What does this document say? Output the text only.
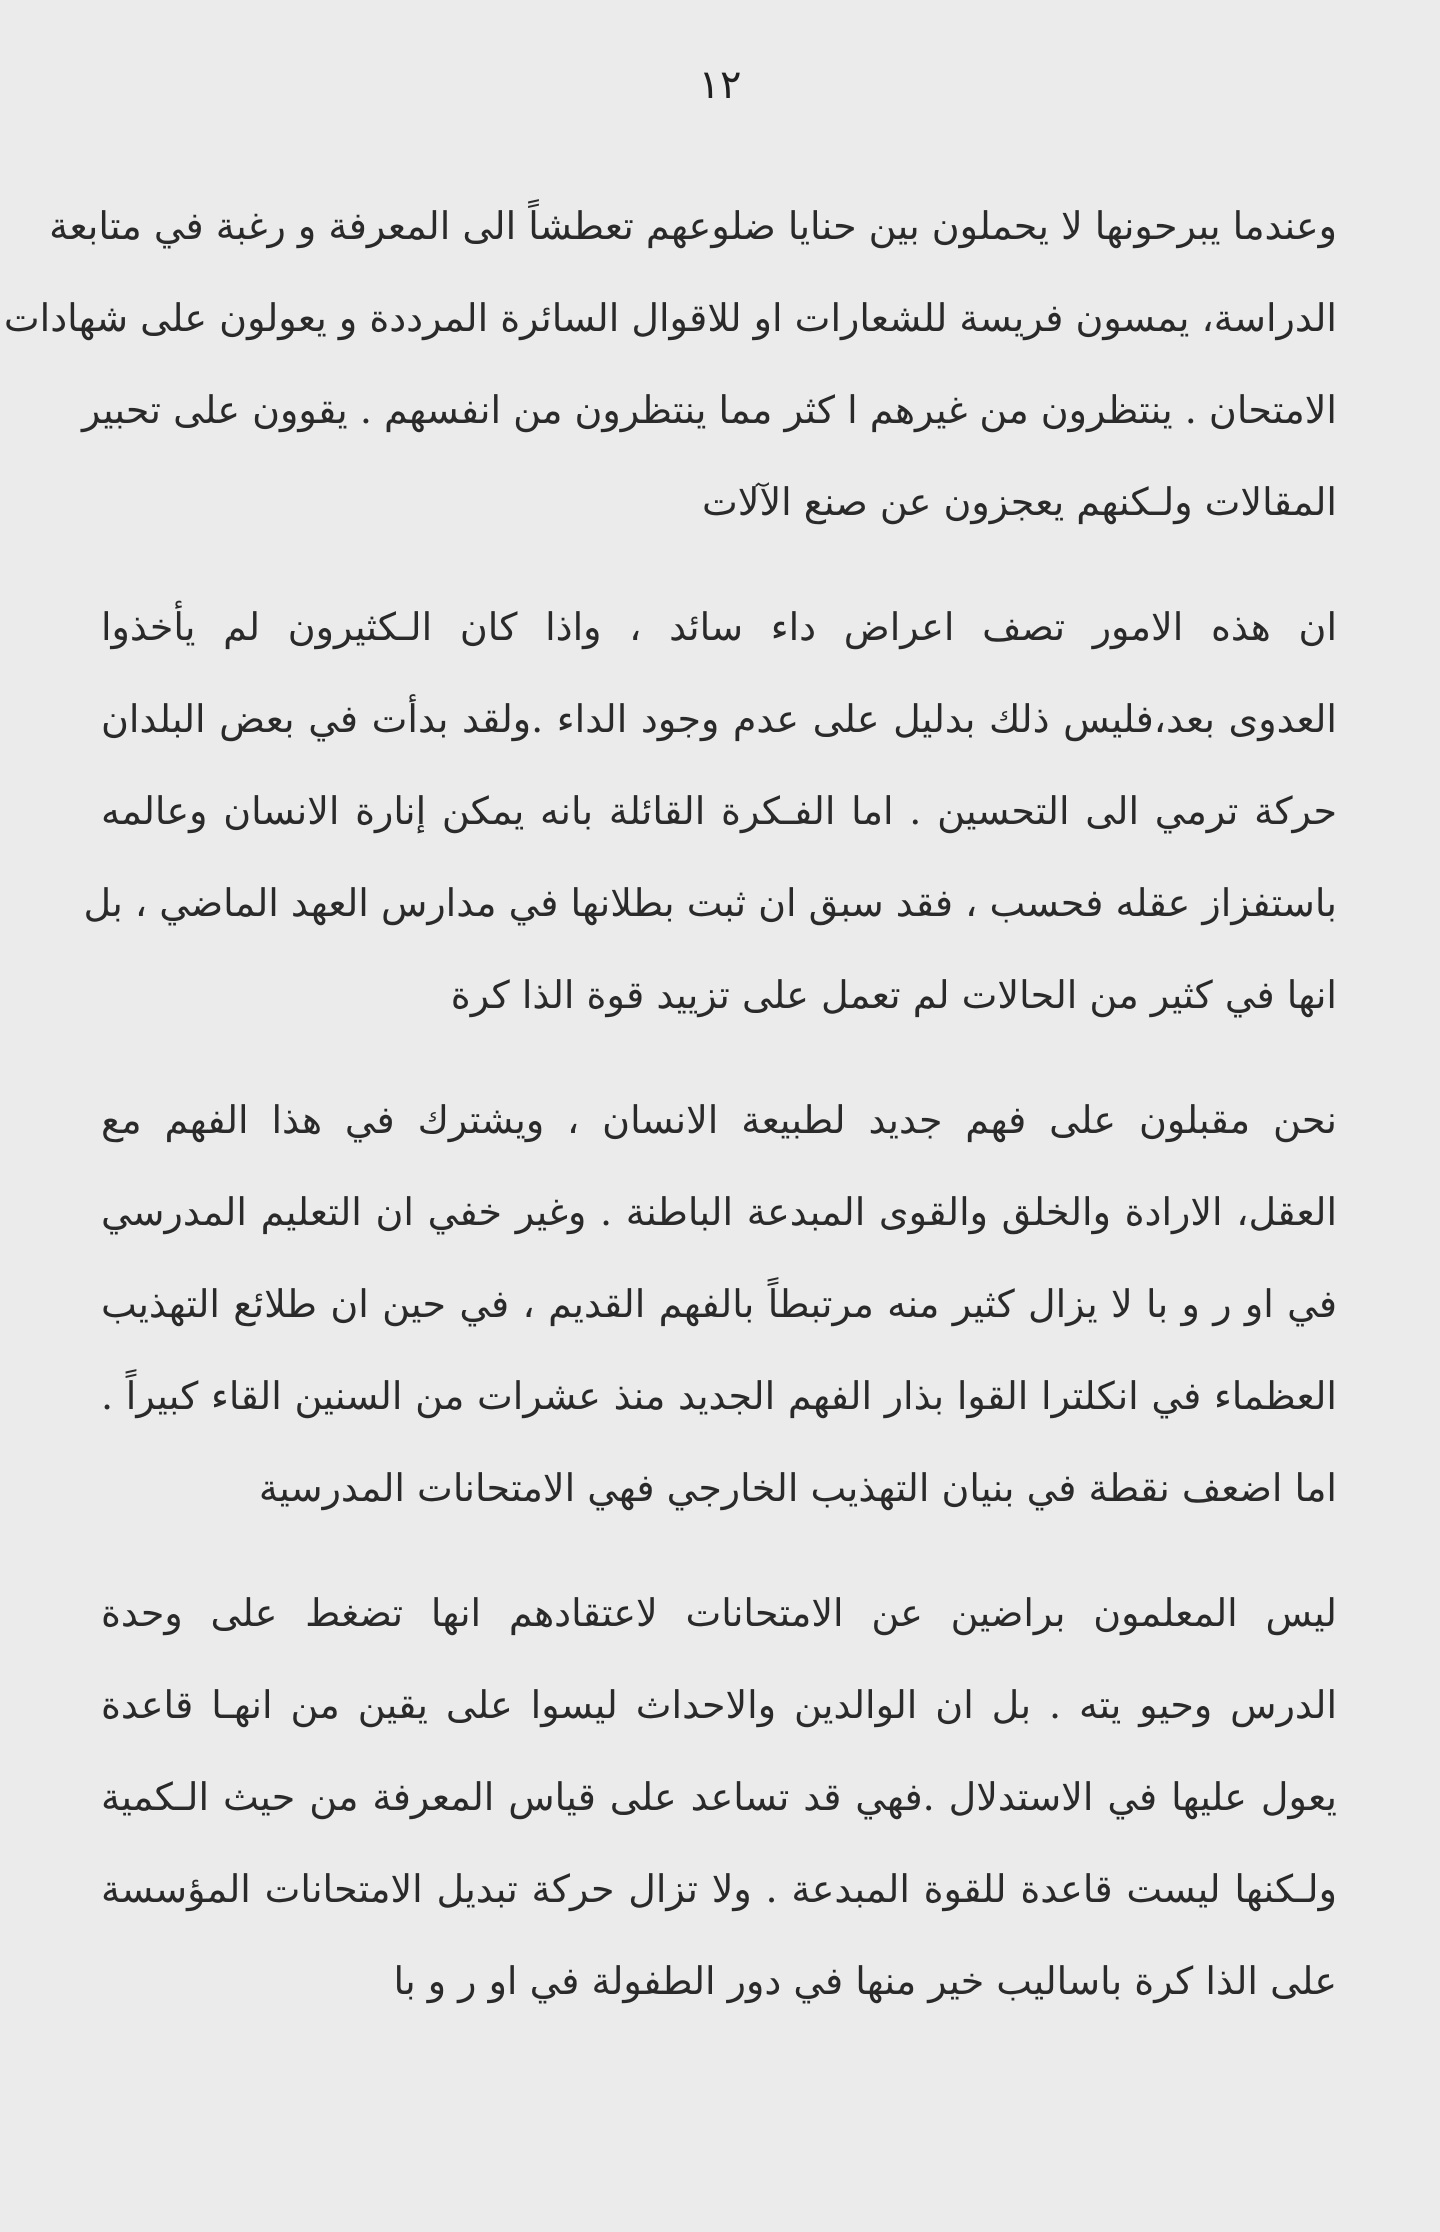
١٢
وعندما يبرحونها لا يحملون بين حنايا ضلوعهم تعطشاً الى المعرفة و رغبة في متابعة
الدراسة، يمسون فريسة للشعارات او للاقوال السائرة المرددة و يعولون على شهادات
الامتحان . ينتظرون من غيرهم ا كثر مما ينتظرون من انفسهم . يقوون على تحبير
المقالات ولـكنهم يعجزون عن صنع الآلات
ان هذه الامور تصف اعراض داء سائد ، واذا كان الـكثيرون لم يأخذوا
العدوى بعد،فليس ذلك بدليل على عدم وجود الداء .ولقد بدأت في بعض البلدان
حركة ترمي الى التحسين . اما الفـكرة القائلة بانه يمكن إنارة الانسان وعالمه
باستفزاز عقله فحسب ، فقد سبق ان ثبت بطلانها في مدارس العهد الماضي ، بل
انها في كثير من الحالات لم تعمل على تزييد قوة الذا كرة
نحن مقبلون على فهم جديد لطبيعة الانسان ، ويشترك في هذا الفهم مع
العقل، الارادة والخلق والقوى المبدعة الباطنة . وغير خفي ان التعليم المدرسي
في او ر و با لا يزال كثير منه مرتبطاً بالفهم القديم ، في حين ان طلائع التهذيب
العظماء في انكلترا القوا بذار الفهم الجديد منذ عشرات من السنين القاء كبيراً .
اما اضعف نقطة في بنيان التهذيب الخارجي فهي الامتحانات المدرسية
ليس المعلمون براضين عن الامتحانات لاعتقادهم انها تضغط على وحدة
الدرس وحيو يته . بل ان الوالدين والاحداث ليسوا على يقين من انهـا قاعدة
يعول عليها في الاستدلال .فهي قد تساعد على قياس المعرفة من حيث الـكمية
ولـكنها ليست قاعدة للقوة المبدعة . ولا تزال حركة تبديل الامتحانات المؤسسة
على الذا كرة باساليب خير منها في دور الطفولة في او ر و با
